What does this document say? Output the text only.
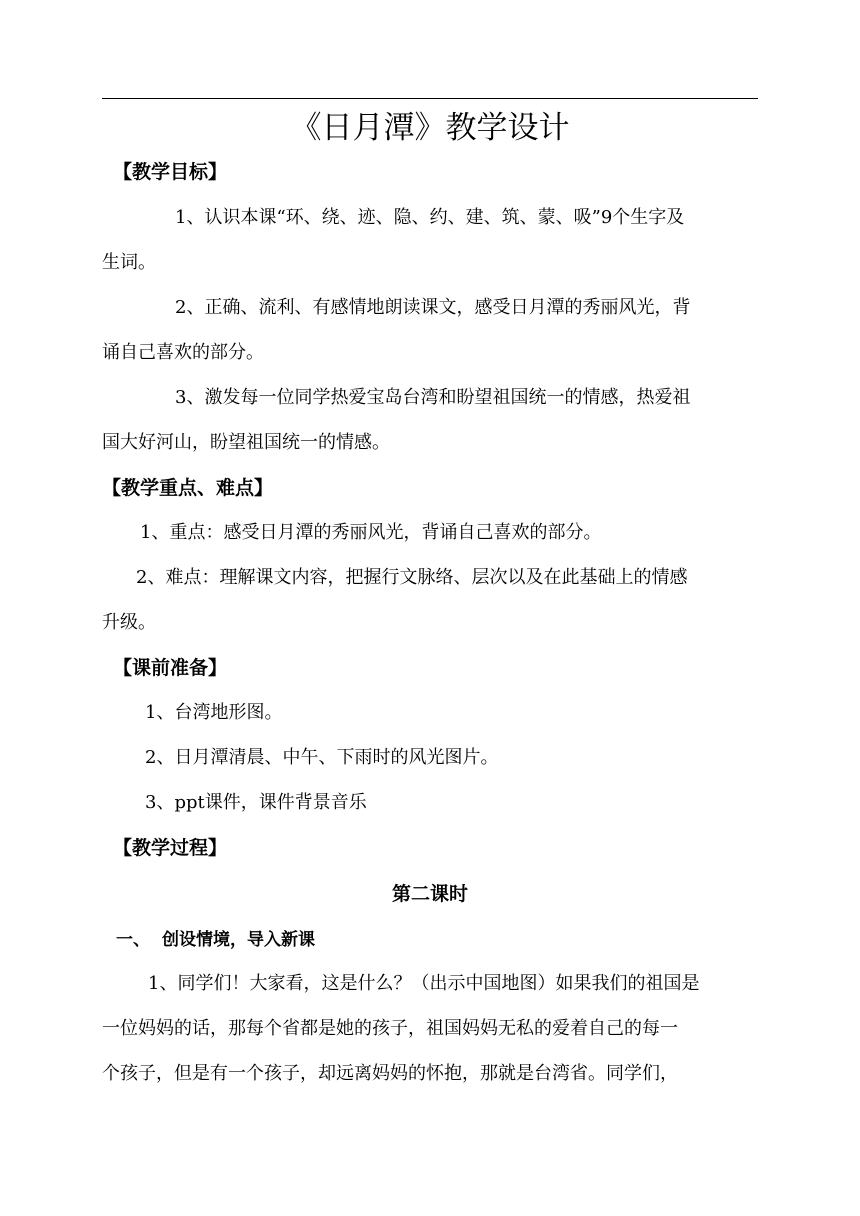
《日月潭》教学设计
【教学目标】
1、认识本课“环、绕、迹、隐、约、建、筑、蒙、吸”9个生字及
生词。
2、正确、流利、有感情地朗读课文，感受日月潭的秀丽风光，背
诵自己喜欢的部分。
3、激发每一位同学热爱宝岛台湾和盼望祖国统一的情感，热爱祖
国大好河山，盼望祖国统一的情感。
【教学重点、难点】
1、重点：感受日月潭的秀丽风光，背诵自己喜欢的部分。
2、难点：理解课文内容，把握行文脉络、层次以及在此基础上的情感
升级。
【课前准备】
1、台湾地形图。
2、日月潭清晨、中午、下雨时的风光图片。
3、ppt课件，课件背景音乐
【教学过程】
第二课时
一、 创设情境，导入新课
1、同学们！大家看，这是什么？（出示中国地图）如果我们的祖国是
一位妈妈的话，那每个省都是她的孩子，祖国妈妈无私的爱着自己的每一
个孩子，但是有一个孩子，却远离妈妈的怀抱，那就是台湾省。同学们，
